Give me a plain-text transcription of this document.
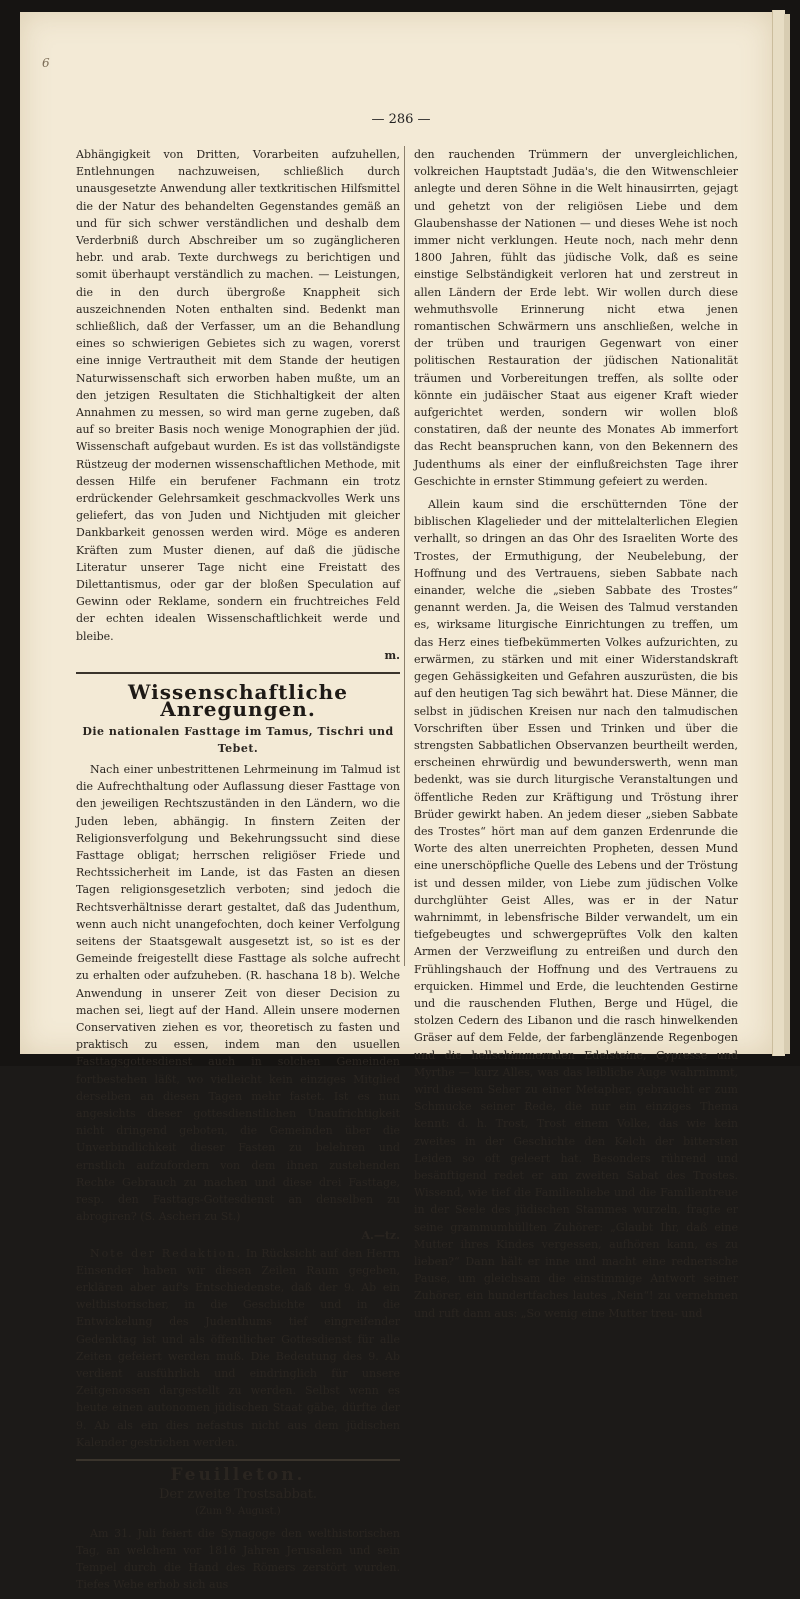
6
— 286 —

Abhängigkeit von Dritten, Vorarbeiten aufzuhellen, Entlehnungen nachzuweisen, schließlich durch unausgesetzte Anwendung aller textkritischen Hilfsmittel die der Natur des behandelten Gegenstandes gemäß an und für sich schwer verständlichen und deshalb dem Verderbniß durch Abschreiber um so zugänglicheren hebr. und arab. Texte durchwegs zu berichtigen und somit überhaupt verständlich zu machen. — Leistungen, die in den durch übergroße Knappheit sich auszeichnenden Noten enthalten sind. Bedenkt man schließlich, daß der Verfasser, um an die Behandlung eines so schwierigen Gebietes sich zu wagen, vorerst eine innige Vertrautheit mit dem Stande der heutigen Naturwissenschaft sich erworben haben mußte, um an den jetzigen Resultaten die Stichhaltigkeit der alten Annahmen zu messen, so wird man gerne zugeben, daß auf so breiter Basis noch wenige Monographien der jüd. Wissenschaft aufgebaut wurden. Es ist das vollständigste Rüstzeug der modernen wissenschaftlichen Methode, mit dessen Hilfe ein berufener Fachmann ein trotz erdrückender Gelehrsamkeit geschmackvolles Werk uns geliefert, das von Juden und Nichtjuden mit gleicher Dankbarkeit genossen werden wird. Möge es anderen Kräften zum Muster dienen, auf daß die jüdische Literatur unserer Tage nicht eine Freistatt des Dilettantismus, oder gar der bloßen Speculation auf Gewinn oder Reklame, sondern ein fruchtreiches Feld der echten idealen Wissenschaftlichkeit werde und bleibe.

m.
Wissenschaftliche Anregungen.
Die nationalen Fasttage im Tamus, Tischri und Tebet.

Nach einer unbestrittenen Lehrmeinung im Talmud ist die Aufrechthaltung oder Auflassung dieser Fasttage von den jeweiligen Rechtszuständen in den Ländern, wo die Juden leben, abhängig. In finstern Zeiten der Religionsverfolgung und Bekehrungssucht sind diese Fasttage obligat; herrschen religiöser Friede und Rechtssicherheit im Lande, ist das Fasten an diesen Tagen religionsgesetzlich verboten; sind jedoch die Rechtsverhältnisse derart gestaltet, daß das Judenthum, wenn auch nicht unangefochten, doch keiner Verfolgung seitens der Staatsgewalt ausgesetzt ist, so ist es der Gemeinde freigestellt diese Fasttage als solche aufrecht zu erhalten oder aufzuheben. (R. haschana 18 b). Welche Anwendung in unserer Zeit von dieser Decision zu machen sei, liegt auf der Hand. Allein unsere modernen Conservativen ziehen es vor, theoretisch zu fasten und praktisch zu essen, indem man den usuellen Fasttagsgottesdienst auch in solchen Gemeinden fortbestehen läßt, wo vielleicht kein einziges Mitglied derselben an diesen Tagen mehr fastet. Ist es nun angesichts dieser gottesdienstlichen Unaufrichtigkeit nicht dringend geboten, die Gemeinden über die Unverbindlichkeit dieser Fasten zu belehren und ernstlich aufzufordern von dem ihnen zustehenden Rechte Gebrauch zu machen und diese drei Fasttage, resp. den Fasttags-Gottesdienst an denselben zu abrogiren? (S. Ascheri zu St.)

A.—tz.

Note der Redaktion. In Rücksicht auf den Herrn Einsender haben wir diesen Zeilen Raum gegeben, erklären aber auf's Entschiedenste, daß der 9. Ab ein welthistorischer, in die Geschichte und in die Entwickelung des Judenthums tief eingreifender Gedenktag ist und als öffentlicher Gottesdienst für alle Zeiten gefeiert werden muß. Die Bedeutung des 9. Ab verdient ausführlich und eindringlich für unsere Zeitgenossen dargestellt zu werden. Selbst wenn es heute einen autonomen jüdischen Staat gäbe, dürfte der 9. Ab als ein dies nefastus nicht aus dem jüdischen Kalender gestrichen werden.

Feuilleton.
Der zweite Trostsabbat.
(Zum 9. August.)

Am 31. Juli feiert die Synagoge den welthistorischen Tag, an welchem vor 1816 Jahren Jerusalem und sein Tempel durch die Hand des Römers zerstört wurden. Tiefes Wehe erhob sich aus

den rauchenden Trümmern der unvergleichlichen, volkreichen Hauptstadt Judäa's, die den Witwenschleier anlegte und deren Söhne in die Welt hinausirrten, gejagt und gehetzt von der religiösen Liebe und dem Glaubenshasse der Nationen — und dieses Wehe ist noch immer nicht verklungen. Heute noch, nach mehr denn 1800 Jahren, fühlt das jüdische Volk, daß es seine einstige Selbständigkeit verloren hat und zerstreut in allen Ländern der Erde lebt. Wir wollen durch diese wehmuthsvolle Erinnerung nicht etwa jenen romantischen Schwärmern uns anschließen, welche in der trüben und traurigen Gegenwart von einer politischen Restauration der jüdischen Nationalität träumen und Vorbereitungen treffen, als sollte oder könnte ein judäischer Staat aus eigener Kraft wieder aufgerichtet werden, sondern wir wollen bloß constatiren, daß der neunte des Monates Ab immerfort das Recht beanspruchen kann, von den Bekennern des Judenthums als einer der einflußreichsten Tage ihrer Geschichte in ernster Stimmung gefeiert zu werden.

Allein kaum sind die erschütternden Töne der biblischen Klagelieder und der mittelalterlichen Elegien verhallt, so dringen an das Ohr des Israeliten Worte des Trostes, der Ermuthigung, der Neubelebung, der Hoffnung und des Vertrauens, sieben Sabbate nach einander, welche die „sieben Sabbate des Trostes“ genannt werden. Ja, die Weisen des Talmud verstanden es, wirksame liturgische Einrichtungen zu treffen, um das Herz eines tiefbekümmerten Volkes aufzurichten, zu erwärmen, zu stärken und mit einer Widerstandskraft gegen Gehässigkeiten und Gefahren auszurüsten, die bis auf den heutigen Tag sich bewährt hat. Diese Männer, die selbst in jüdischen Kreisen nur nach den talmudischen Vorschriften über Essen und Trinken und über die strengsten Sabbatlichen Observanzen beurtheilt werden, erscheinen ehrwürdig und bewunderswerth, wenn man bedenkt, was sie durch liturgische Veranstaltungen und öffentliche Reden zur Kräftigung und Tröstung ihrer Brüder gewirkt haben. An jedem dieser „sieben Sabbate des Trostes“ hört man auf dem ganzen Erdenrunde die Worte des alten unerreichten Propheten, dessen Mund eine unerschöpfliche Quelle des Lebens und der Tröstung ist und dessen milder, von Liebe zum jüdischen Volke durchglühter Geist Alles, was er in der Natur wahrnimmt, in lebensfrische Bilder verwandelt, um ein tiefgebeugtes und schwergeprüftes Volk den kalten Armen der Verzweiflung zu entreißen und durch den Frühlingshauch der Hoffnung und des Vertrauens zu erquicken. Himmel und Erde, die leuchtenden Gestirne und die rauschenden Fluthen, Berge und Hügel, die stolzen Cedern des Libanon und die rasch hinwelkenden Gräser auf dem Felde, der farbenglänzende Regenbogen und die hellschimmernden Edelsteine, Cypresse und Myrthe — kurz Alles, was das leibliche Auge wahrnimmt, wird diesem Seher zu einer Metapher, gebraucht er zum Schmucke seiner Rede, die nur ein einziges Thema kennt: d. h. Trost, Trost einem Volke, das wie kein zweites in der Geschichte den Kelch der bittersten Leiden so oft geleert hat. Besonders rührend und besänftigend redet er am zweiten Sabat des Trostes. Wissend, wie tief die Familienliebe und die Familientreue in der Seele des jüdischen Stammes wurzeln, fragte er seine grammumhüllten Zuhörer: „Glaubt Ihr, daß eine Mutter ihres Kindes vergessen, aufhören kann, es zu lieben?“ Dann hält er inne und macht eine rednerische Pause, um gleichsam die einstimmige Antwort seiner Zuhörer, ein hundertfaches lautes „Nein“! zu vernehmen und ruft dann aus: „So wenig eine Mutter treu- und
